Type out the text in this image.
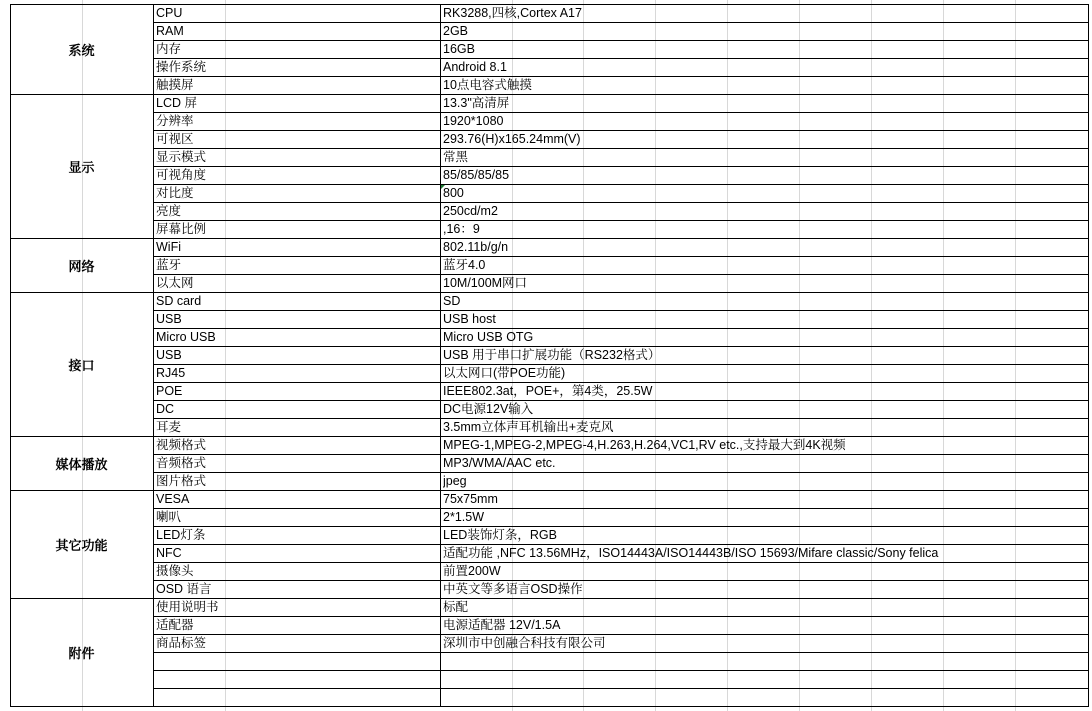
系统
CPU	RK3288,四核,Cortex A17
RAM	2GB
内存	16GB
操作系统	Android 8.1
触摸屏	10点电容式触摸
显示
LCD 屏	13.3"高清屏
分辨率	1920*1080
可视区	293.76(H)x165.24mm(V)
显示模式	常黑
可视角度	85/85/85/85
对比度	800
亮度	250cd/m2
屏幕比例	,16：9
网络
WiFi	802.11b/g/n
蓝牙	蓝牙4.0
以太网	10M/100M网口
接口
SD card	SD
USB	USB host
Micro USB	Micro USB OTG
USB	USB 用于串口扩展功能（RS232格式）
RJ45	以太网口(带POE功能)
POE	IEEE802.3at，POE+，第4类，25.5W
DC	DC电源12V输入
耳麦	3.5mm立体声耳机输出+麦克风
媒体播放
视频格式	MPEG-1,MPEG-2,MPEG-4,H.263,H.264,VC1,RV etc.,支持最大到4K视频
音频格式	MP3/WMA/AAC etc.
图片格式	jpeg
其它功能
VESA	75x75mm
喇叭	2*1.5W
LED灯条	LED装饰灯条，RGB
NFC	适配功能 ,NFC 13.56MHz，ISO14443A/ISO14443B/ISO 15693/Mifare classic/Sony felica
摄像头	前置200W
OSD 语言	中英文等多语言OSD操作
附件
使用说明书	标配
适配器	电源适配器 12V/1.5A
商品标签	深圳市中创融合科技有限公司
